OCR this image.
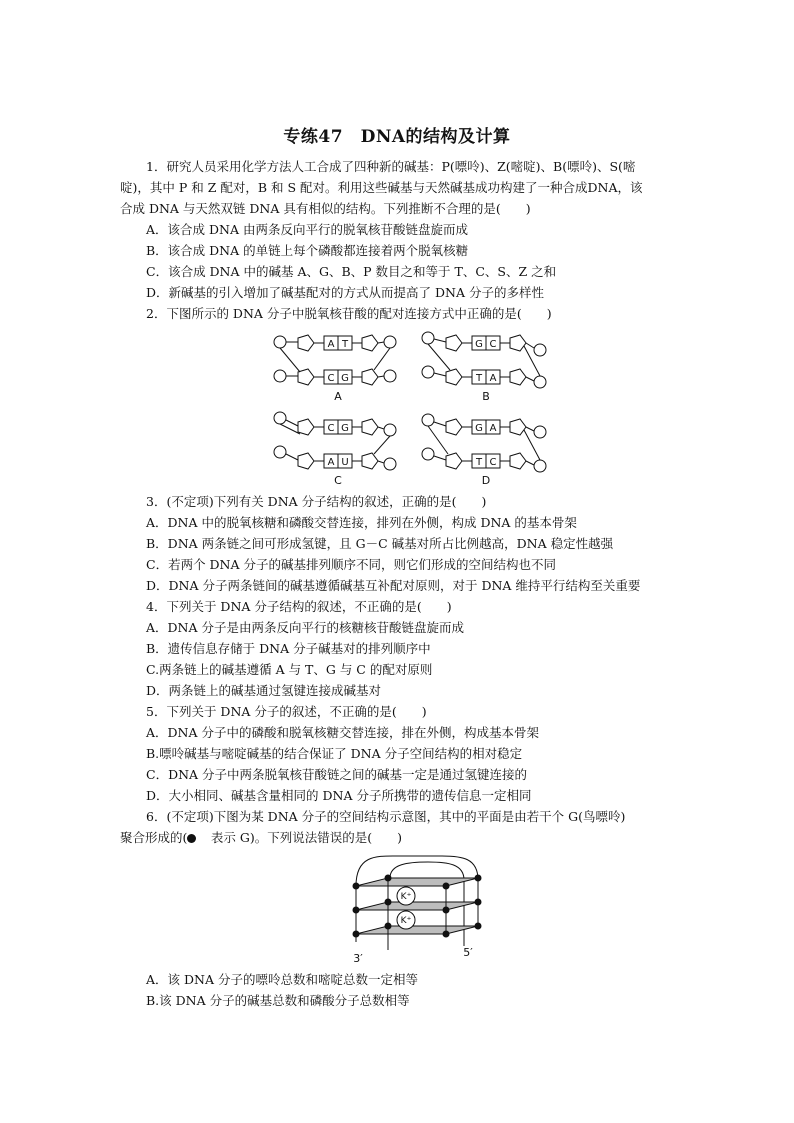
专练47　DNA的结构及计算
1．研究人员采用化学方法人工合成了四种新的碱基：P(嘌呤)、Z(嘧啶)、B(嘌呤)、S(嘧
啶)，其中 P 和 Z 配对，B 和 S 配对。利用这些碱基与天然碱基成功构建了一种合成DNA，该
合成 DNA 与天然双链 DNA 具有相似的结构。下列推断不合理的是(　　)
A．该合成 DNA 由两条反向平行的脱氧核苷酸链盘旋而成
B．该合成 DNA 的单链上每个磷酸都连接着两个脱氧核糖
C．该合成 DNA 中的碱基 A、G、B、P 数目之和等于 T、C、S、Z 之和
D．新碱基的引入增加了碱基配对的方式从而提高了 DNA 分子的多样性
2．下图所示的 DNA 分子中脱氧核苷酸的配对连接方式中正确的是(　　)
A T
C G
A
G C
T A
B
C G
A U
C
G A
T C
D
3．(不定项)下列有关 DNA 分子结构的叙述，正确的是(　　)
A．DNA 中的脱氧核糖和磷酸交替连接，排列在外侧，构成 DNA 的基本骨架
B．DNA 两条链之间可形成氢键，且 G－C 碱基对所占比例越高，DNA 稳定性越强
C．若两个 DNA 分子的碱基排列顺序不同，则它们形成的空间结构也不同
D．DNA 分子两条链间的碱基遵循碱基互补配对原则，对于 DNA 维持平行结构至关重要
4．下列关于 DNA 分子结构的叙述，不正确的是(　　)
A．DNA 分子是由两条反向平行的核糖核苷酸链盘旋而成
B．遗传信息存储于 DNA 分子碱基对的排列顺序中
C.两条链上的碱基遵循 A 与 T、G 与 C 的配对原则
D．两条链上的碱基通过氢键连接成碱基对
5．下列关于 DNA 分子的叙述，不正确的是(　　)
A．DNA 分子中的磷酸和脱氧核糖交替连接，排在外侧，构成基本骨架
B.嘌呤碱基与嘧啶碱基的结合保证了 DNA 分子空间结构的相对稳定
C．DNA 分子中两条脱氧核苷酸链之间的碱基一定是通过氢键连接的
D．大小相同、碱基含量相同的 DNA 分子所携带的遗传信息一定相同
6．(不定项)下图为某 DNA 分子的空间结构示意图，其中的平面是由若干个 G(鸟嘌呤)
聚合形成的(　表示 G)。下列说法错误的是(　　)
K⁺
K⁺
3′	5′
A．该 DNA 分子的嘌呤总数和嘧啶总数一定相等
B.该 DNA 分子的碱基总数和磷酸分子总数相等
